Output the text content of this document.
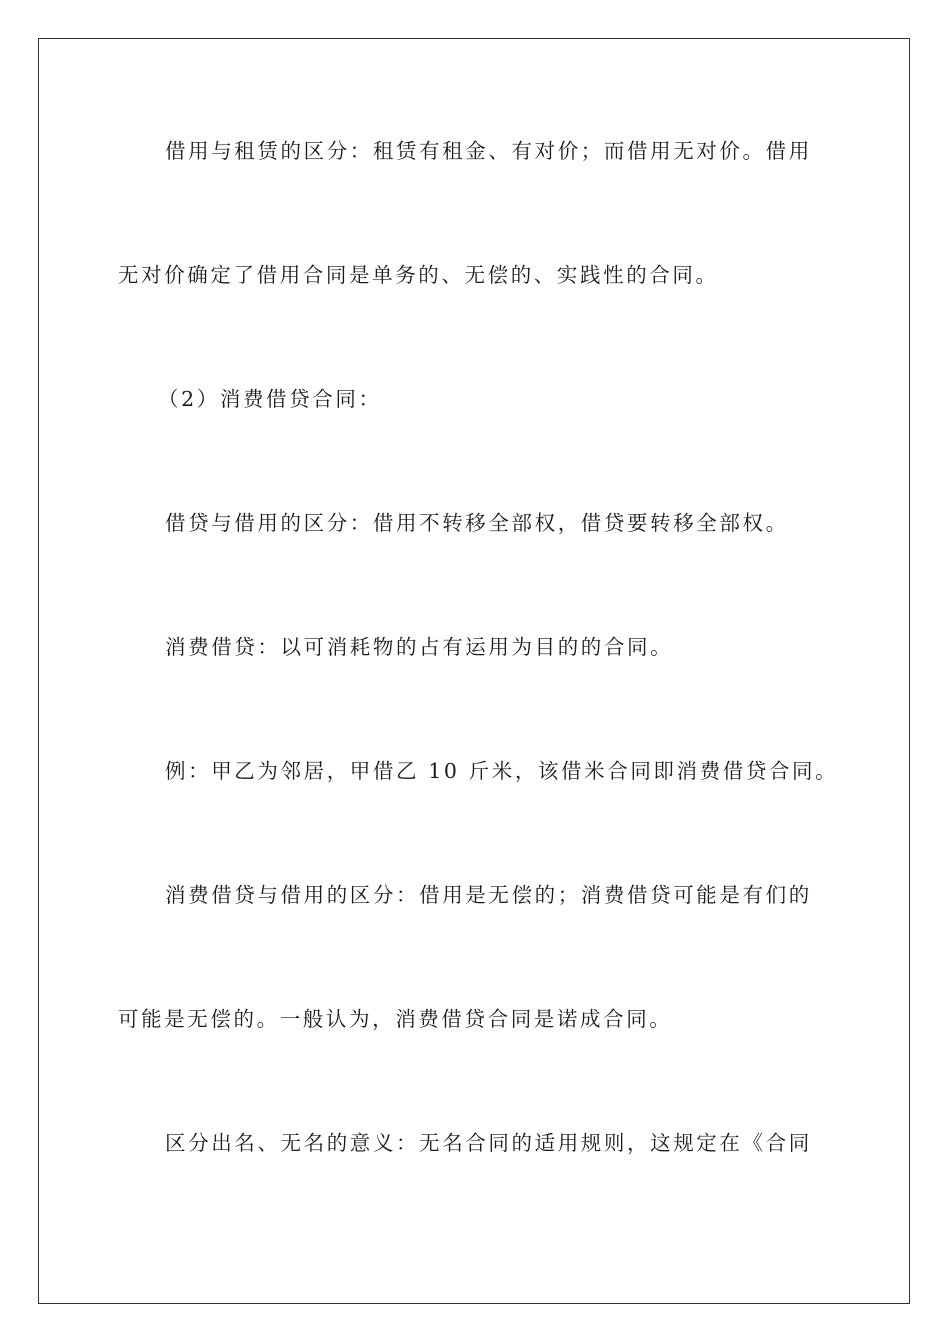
借用与租赁的区分：租赁有租金、有对价；而借用无对价。借用
无对价确定了借用合同是单务的、无偿的、实践性的合同。
（2）消费借贷合同：
借贷与借用的区分：借用不转移全部权，借贷要转移全部权。
消费借贷：以可消耗物的占有运用为目的的合同。
例：甲乙为邻居，甲借乙 10 斤米，该借米合同即消费借贷合同。
消费借贷与借用的区分：借用是无偿的；消费借贷可能是有们的
可能是无偿的。一般认为，消费借贷合同是诺成合同。
区分出名、无名的意义：无名合同的适用规则，这规定在《合同
